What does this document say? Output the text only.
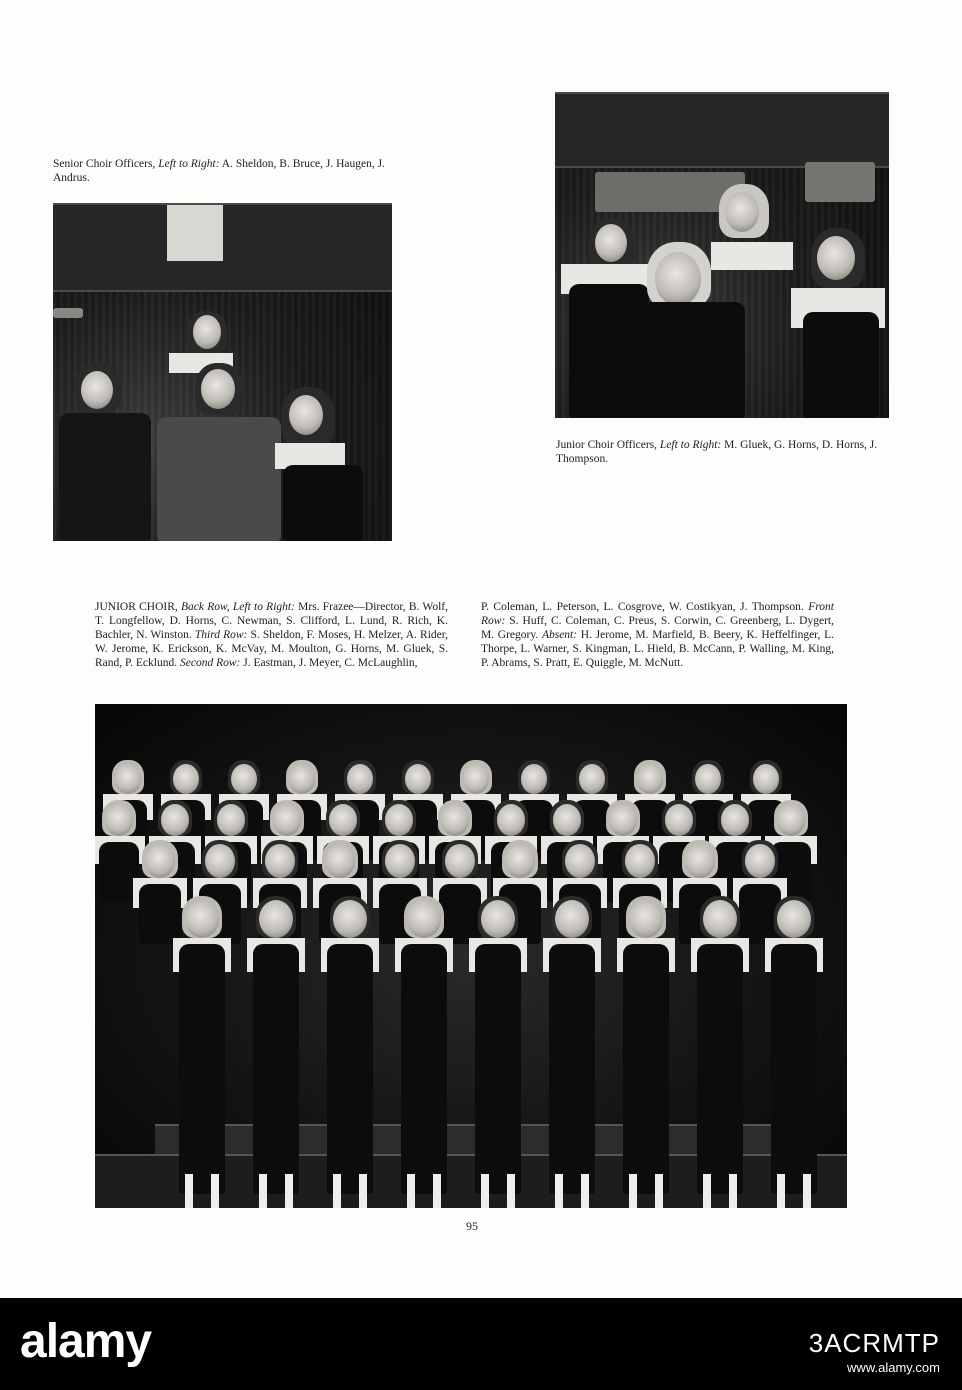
Senior Choir Officers, Left to Right: A. Sheldon, B. Bruce, J. Haugen, J. Andrus.
Junior Choir Officers, Left to Right: M. Gluek, G. Horns, D. Horns, J. Thompson.
JUNIOR CHOIR, Back Row, Left to Right: Mrs. Frazee—Director, B. Wolf, T. Longfellow, D. Horns, C. Newman, S. Clifford, L. Lund, R. Rich, K. Bachler, N. Winston. Third Row: S. Sheldon, F. Moses, H. Melzer, A. Rider, W. Jerome, K. Erickson, K. McVay, M. Moulton, G. Horns, M. Gluek, S. Rand, P. Ecklund. Second Row: J. Eastman, J. Meyer, C. McLaughlin,
P. Coleman, L. Peterson, L. Cosgrove, W. Costikyan, J. Thompson. Front Row: S. Huff, C. Coleman, C. Preus, S. Corwin, C. Greenberg, L. Dygert, M. Gregory. Absent: H. Jerome, M. Marfield, B. Beery, K. Heffelfinger, L. Thorpe, L. Warner, S. Kingman, L. Hield, B. McCann, P. Walling, M. King, P. Abrams, S. Pratt, E. Quiggle, M. McNutt.
95
alamy	3ACRMTP
www.alamy.com
